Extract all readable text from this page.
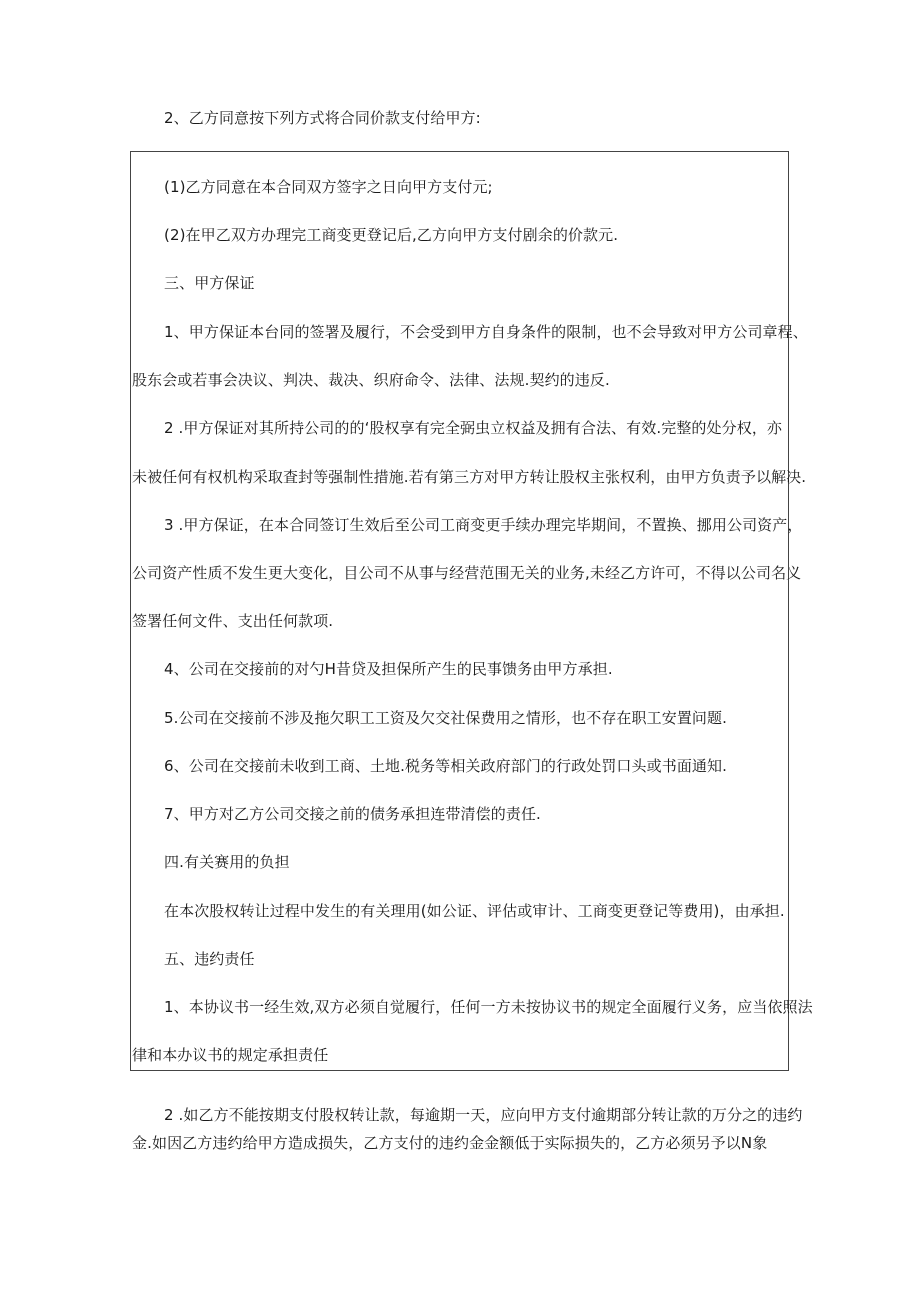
2、乙方同意按下列方式将合同价款支付给甲方:
(1)乙方同意在本合同双方签字之日向甲方支付元;
(2)在甲乙双方办理完工商变更登记后,乙方向甲方支付剧余的价款元.
三、甲方保证
1、甲方保证本台同的签署及履行，不会受到甲方自身条件的限制，也不会导致对甲方公司章程、
股东会或若事会决议、判决、裁决、织府命令、法律、法规.契约的违反.
2 .甲方保证对其所持公司的的‘股权享有完全弼虫立权益及拥有合法、有效.完整的处分权，亦
未被任何有权机构采取査封等强制性措施.若有第三方对甲方转让股权主张权利，由甲方负责予以解决.
3 .甲方保证，在本合同签订生效后至公司工商变更手续办理完毕期间，不置换、挪用公司资产，
公司资产性质不发生更大变化，目公司不从事与经营范围无关的业务,未经乙方许可，不得以公司名义
签署任何文件、支出任何款项.
4、公司在交接前的对勺H昔贷及担保所产生的民事馈务由甲方承担.
5.公司在交接前不涉及拖欠职工工资及欠交社保费用之情形，也不存在职工安置问题.
6、公司在交接前未收到工商、土地.税务等相关政府部门的行政处罚口头或书面通知.
7、甲方对乙方公司交接之前的债务承担连带清偿的责任.
四.有关赛用的负担
在本次股权转让过程中发生的有关理用(如公证、评估或审计、工商变更登记等费用)，由承担.
五、违约责任
1、本协议书一经生效,双方必须自觉履行，任何一方未按协议书的规定全面履行义务，应当依照法
律和本办议书的规定承担责任
2 .如乙方不能按期支付股权转让款，每逾期一天，应向甲方支付逾期部分转让款的万分之的违约
金.如因乙方违约给甲方造成损失，乙方支付的违约金金额低于实际损失的，乙方必须另予以N象
